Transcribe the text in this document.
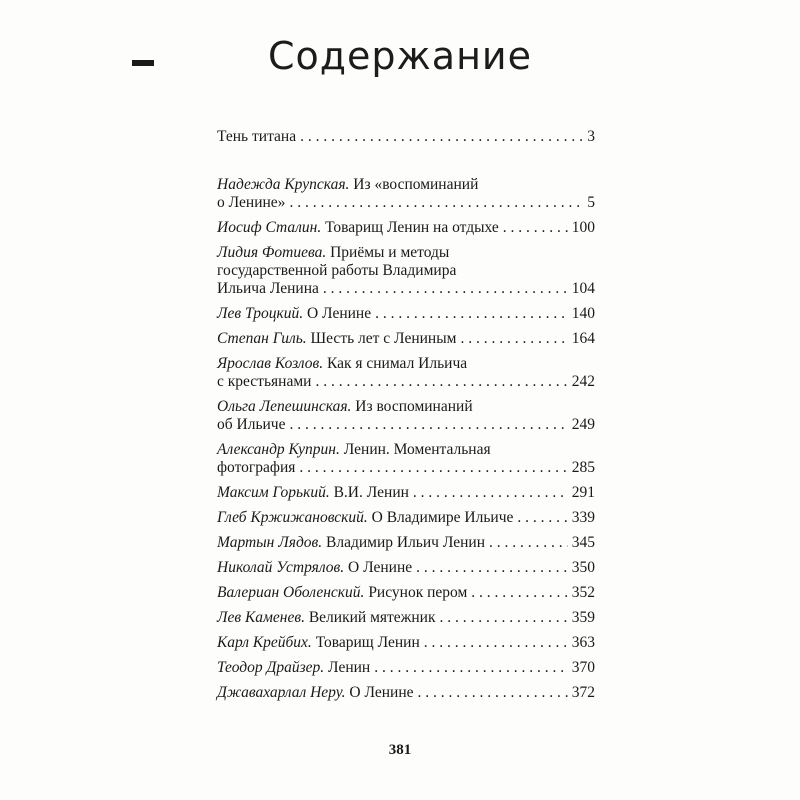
Содержание
Тень титана . . .	3
Надежда Крупская. Из «воспоминаний
о Ленине» . . .	5
Иосиф Сталин. Товарищ Ленин на отдыхе . . .	100
Лидия Фотиева. Приёмы и методы
государственной работы Владимира
Ильича Ленина . . .	104
Лев Троцкий. О Ленине . . .	140
Степан Гиль. Шесть лет с Лениным . . .	164
Ярослав Козлов. Как я снимал Ильича
с крестьянами . . .	242
Ольга Лепешинская. Из воспоминаний
об Ильиче . . .	249
Александр Куприн. Ленин. Моментальная
фотография . . .	285
Максим Горький. В.И. Ленин . . .	291
Глеб Кржижановский. О Владимире Ильиче . . .	339
Мартын Лядов. Владимир Ильич Ленин . . .	345
Николай Устрялов. О Ленине . . .	350
Валериан Оболенский. Рисунок пером . . .	352
Лев Каменев. Великий мятежник . . .	359
Карл Крейбих. Товарищ Ленин . . .	363
Теодор Драйзер. Ленин . . .	370
Джавахарлал Неру. О Ленине . . .	372
381
